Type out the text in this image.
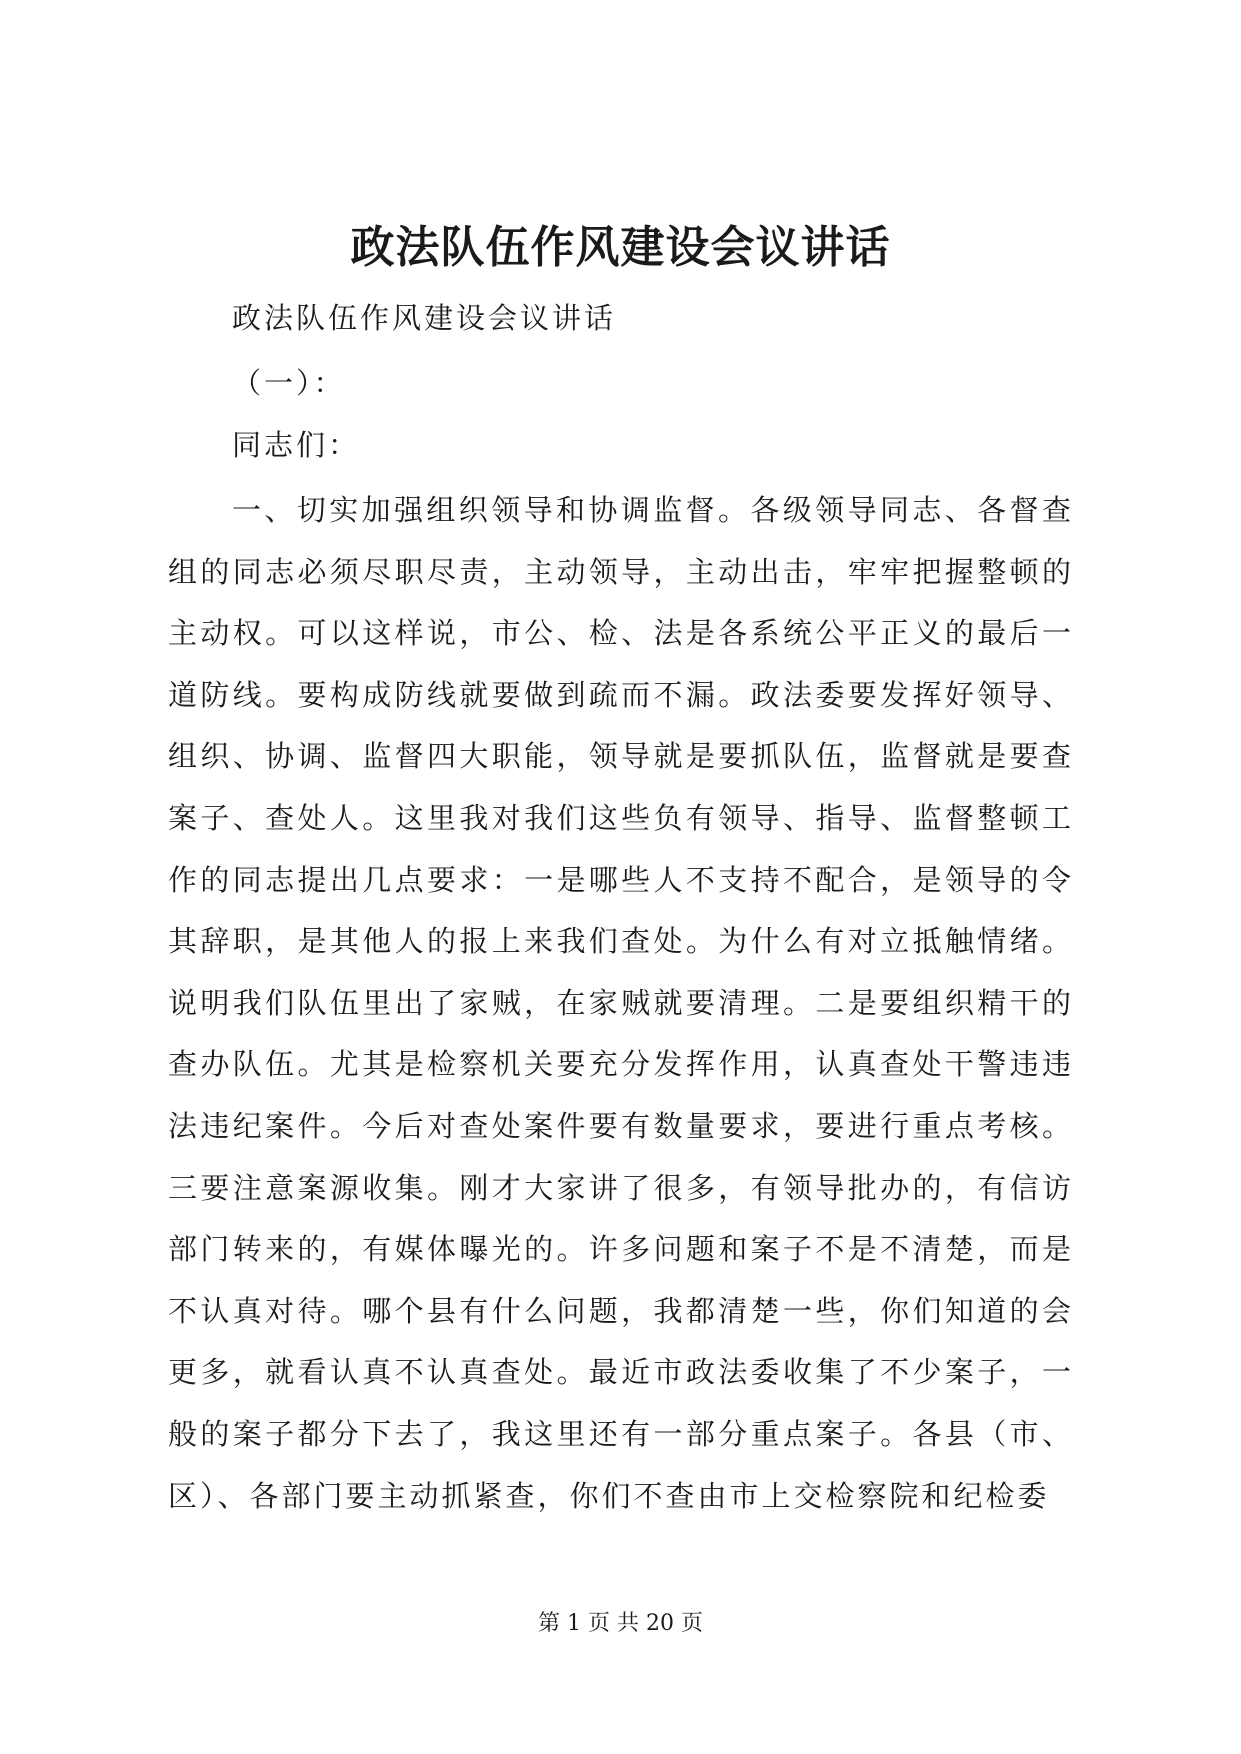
政法队伍作风建设会议讲话
政法队伍作风建设会议讲话
（一）：
同志们：

一、切实加强组织领导和协调监督。各级领导同志、各督查组的同志必须尽职尽责，主动领导，主动出击，牢牢把握整顿的主动权。可以这样说，市公、检、法是各系统公平正义的最后一道防线。要构成防线就要做到疏而不漏。政法委要发挥好领导、组织、协调、监督四大职能，领导就是要抓队伍，监督就是要查案子、查处人。这里我对我们这些负有领导、指导、监督整顿工作的同志提出几点要求：一是哪些人不支持不配合，是领导的令其辞职，是其他人的报上来我们查处。为什么有对立抵触情绪。说明我们队伍里出了家贼，在家贼就要清理。二是要组织精干的查办队伍。尤其是检察机关要充分发挥作用，认真查处干警违违法违纪案件。今后对查处案件要有数量要求，要进行重点考核。三要注意案源收集。刚才大家讲了很多，有领导批办的，有信访部门转来的，有媒体曝光的。许多问题和案子不是不清楚，而是不认真对待。哪个县有什么问题，我都清楚一些，你们知道的会更多，就看认真不认真查处。最近市政法委收集了不少案子，一般的案子都分下去了，我这里还有一部分重点案子。各县（市、区）、各部门要主动抓紧查，你们不查由市上交检察院和纪检委

第 1 页 共 20 页
